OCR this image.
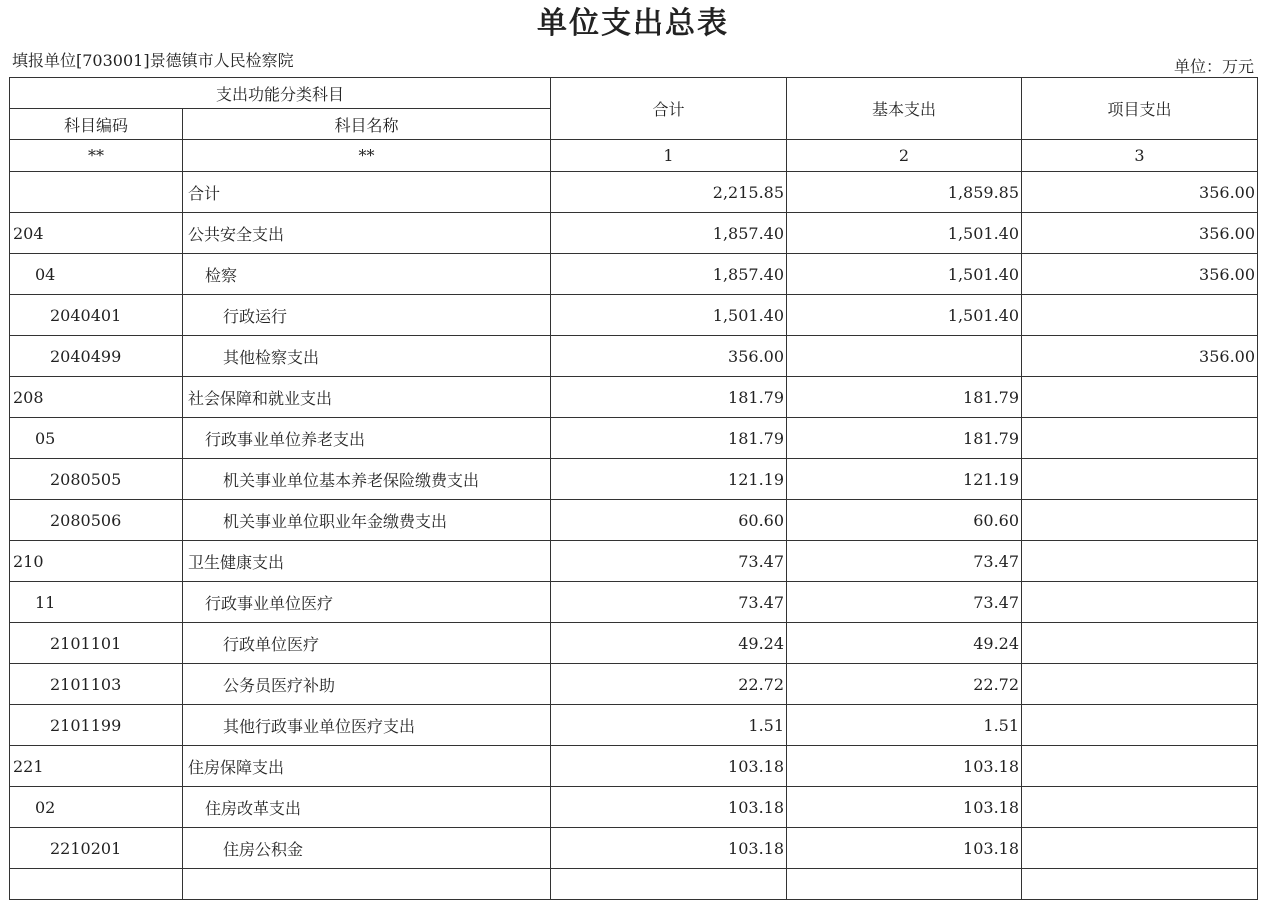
单位支出总表
填报单位[703001]景德镇市人民检察院	单位：万元
支出功能分类科目		合计	基本支出	项目支出
科目编码	科目名称			
**	**	1	2	3
	合计	2,215.85	1,859.85	356.00
204	公共安全支出	1,857.40	1,501.40	356.00
04	检察	1,857.40	1,501.40	356.00
2040401	行政运行	1,501.40	1,501.40	
2040499	其他检察支出	356.00		356.00
208	社会保障和就业支出	181.79	181.79	
05	行政事业单位养老支出	181.79	181.79	
2080505	机关事业单位基本养老保险缴费支出	121.19	121.19	
2080506	机关事业单位职业年金缴费支出	60.60	60.60	
210	卫生健康支出	73.47	73.47	
11	行政事业单位医疗	73.47	73.47	
2101101	行政单位医疗	49.24	49.24	
2101103	公务员医疗补助	22.72	22.72	
2101199	其他行政事业单位医疗支出	1.51	1.51	
221	住房保障支出	103.18	103.18	
02	住房改革支出	103.18	103.18	
2210201	住房公积金	103.18	103.18	
